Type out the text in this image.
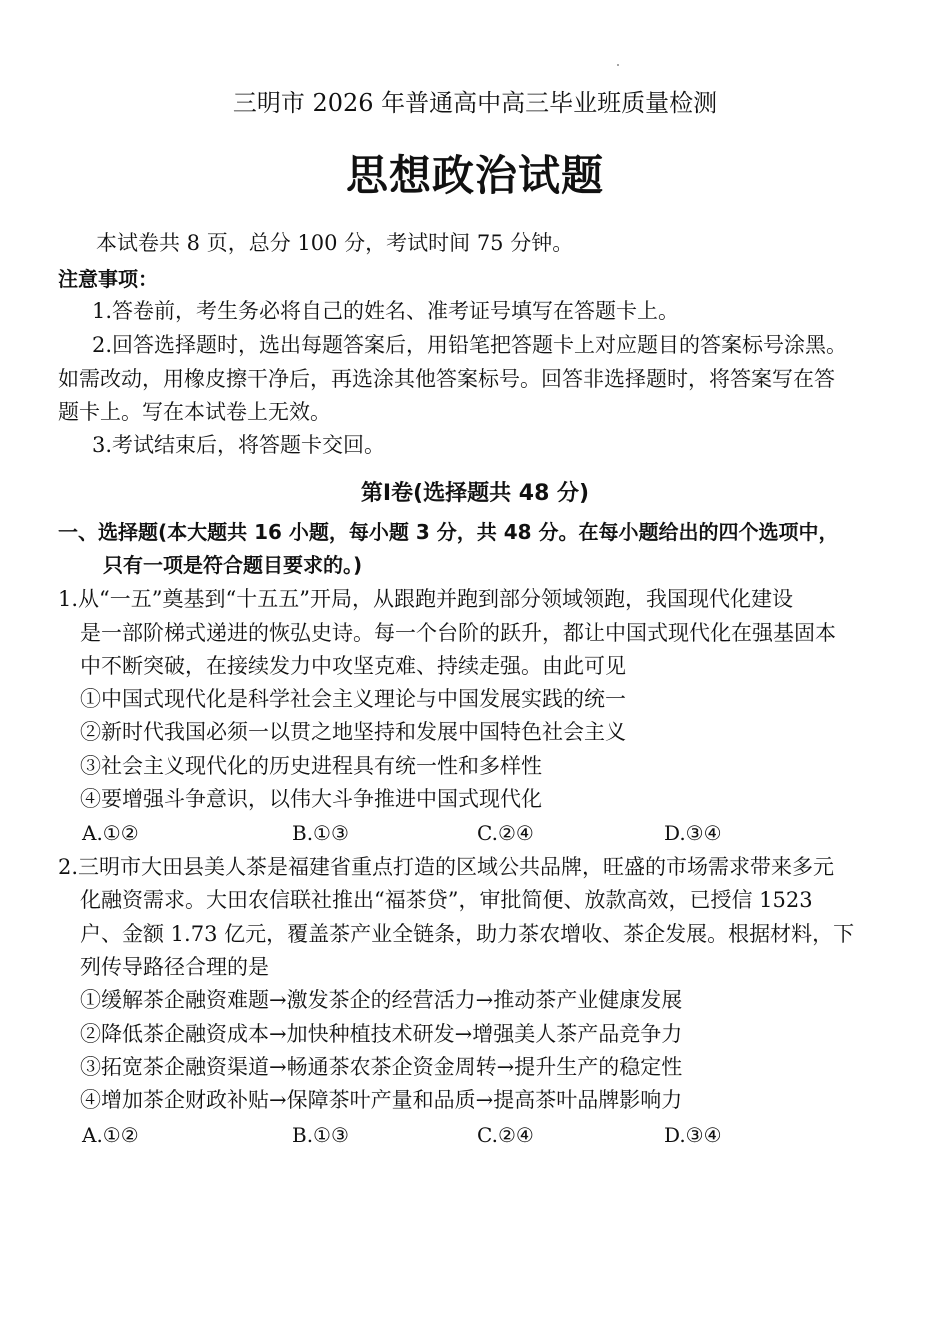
三明市 2026 年普通高中高三毕业班质量检测
思想政治试题
本试卷共 8 页，总分 100 分，考试时间 75 分钟。
注意事项：
1.答卷前，考生务必将自己的姓名、准考证号填写在答题卡上。
2.回答选择题时，选出每题答案后，用铅笔把答题卡上对应题目的答案标号涂黑。
如需改动，用橡皮擦干净后，再选涂其他答案标号。回答非选择题时，将答案写在答
题卡上。写在本试卷上无效。
3.考试结束后，将答题卡交回。
第Ⅰ卷(选择题共 48 分)
一、选择题(本大题共 16 小题，每小题 3 分，共 48 分。在每小题给出的四个选项中，
只有一项是符合题目要求的。)
1.从“一五”奠基到“十五五”开局，从跟跑并跑到部分领域领跑，我国现代化建设
是一部阶梯式递进的恢弘史诗。每一个台阶的跃升，都让中国式现代化在强基固本
中不断突破，在接续发力中攻坚克难、持续走强。由此可见
①中国式现代化是科学社会主义理论与中国发展实践的统一
②新时代我国必须一以贯之地坚持和发展中国特色社会主义
③社会主义现代化的历史进程具有统一性和多样性
④要增强斗争意识，以伟大斗争推进中国式现代化
A.①②	B.①③	C.②④	D.③④
2.三明市大田县美人茶是福建省重点打造的区域公共品牌，旺盛的市场需求带来多元
化融资需求。大田农信联社推出“福茶贷”，审批简便、放款高效，已授信 1523
户、金额 1.73 亿元，覆盖茶产业全链条，助力茶农增收、茶企发展。根据材料，下
列传导路径合理的是
①缓解茶企融资难题→激发茶企的经营活力→推动茶产业健康发展
②降低茶企融资成本→加快种植技术研发→增强美人茶产品竞争力
③拓宽茶企融资渠道→畅通茶农茶企资金周转→提升生产的稳定性
④增加茶企财政补贴→保障茶叶产量和品质→提高茶叶品牌影响力
A.①②	B.①③	C.②④	D.③④
